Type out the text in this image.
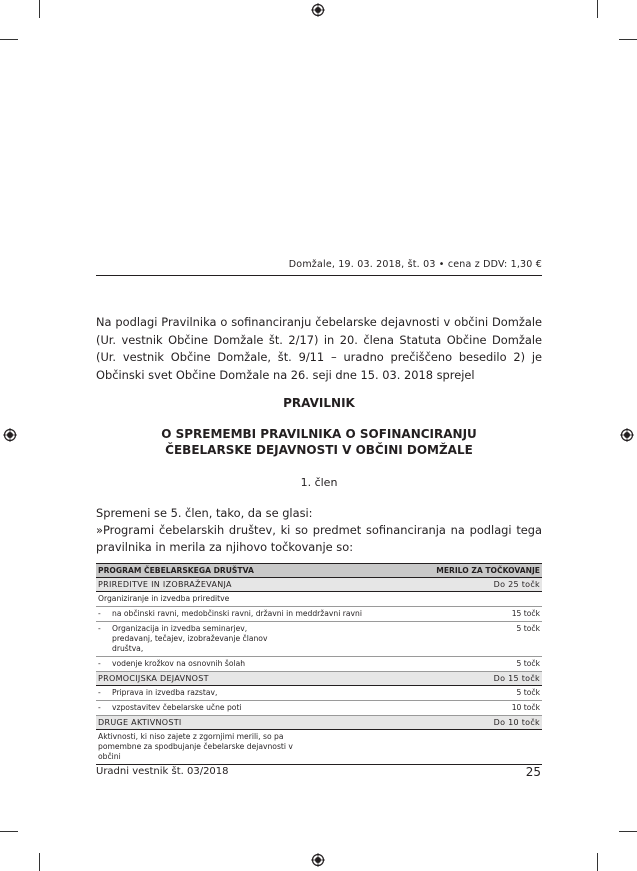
Domžale, 19. 03. 2018, št. 03 • cena z DDV: 1,30 €
Na podlagi Pravilnika o sofinanciranju čebelarske dejavnosti v občini Domžale (Ur. vestnik Občine Domžale št. 2/17) in 20. člena Statuta Občine Domžale (Ur. vestnik Občine Domžale, št. 9/11 – uradno prečiščeno besedilo 2) je Občinski svet Občine Domžale na 26. seji dne 15. 03. 2018 sprejel
PRAVILNIK
O SPREMEMBI PRAVILNIKA O SOFINANCIRANJU
ČEBELARSKE DEJAVNOSTI V OBČINI DOMŽALE
1. člen
Spremeni se 5. člen, tako, da se glasi:
»Programi čebelarskih društev, ki so predmet sofinanciranja na podlagi tega pravilnika in merila za njihovo točkovanje so:
PROGRAM ČEBELARSKEGA DRUŠTVA		MERILO ZA TOČKOVANJE
PRIREDITVE IN IZOBRAŽEVANJA		Do 25 točk
Organiziranje in izvedba prireditve		
-	na občinski ravni, medobčinski ravni, državni in meddržavni ravni	15 točk
-	Organizacija in izvedba seminarjev, predavanj, tečajev, izobraževanje članov društva,	5 točk
-	vodenje krožkov na osnovnih šolah	5 točk
PROMOCIJSKA DEJAVNOST		Do 15 točk
-	Priprava in izvedba razstav,	5 točk
-	vzpostavitev čebelarske učne poti	10 točk
DRUGE AKTIVNOSTI		Do 10 točk
Aktivnosti, ki niso zajete z zgornjimi merili, so pa pomembne za spodbujanje čebelarske dejavnosti v občini		
Uradni vestnik št. 03/2018	25
